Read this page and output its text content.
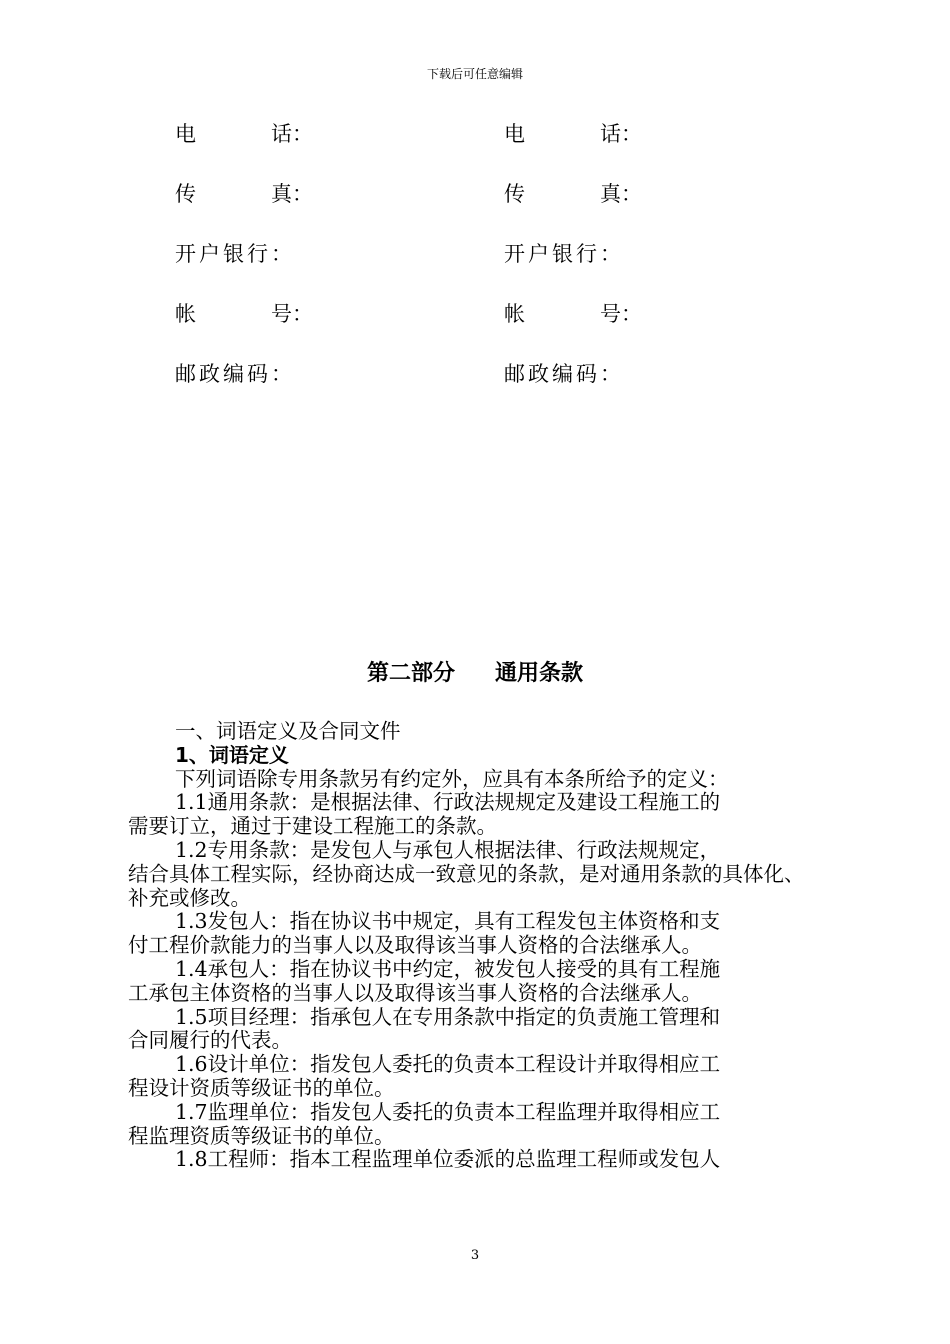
下载后可任意编辑
电	话：	电	话：
传	真：	传	真：
开户银行：	开户银行：
帐	号：	帐	号：
邮政编码：	邮政编码：
第二部分 通用条款

一、词语定义及合同文件

1、词语定义

下列词语除专用条款另有约定外，应具有本条所给予的定义：

1.1通用条款：是根据法律、行政法规规定及建设工程施工的

需要订立，通过于建设工程施工的条款。

1.2专用条款：是发包人与承包人根据法律、行政法规规定，

结合具体工程实际，经协商达成一致意见的条款，是对通用条款的具体化、补充或修改。

1.3发包人：指在协议书中规定，具有工程发包主体资格和支

付工程价款能力的当事人以及取得该当事人资格的合法继承人。

1.4承包人：指在协议书中约定，被发包人接受的具有工程施

工承包主体资格的当事人以及取得该当事人资格的合法继承人。

1.5项目经理：指承包人在专用条款中指定的负责施工管理和

合同履行的代表。

1.6设计单位：指发包人委托的负责本工程设计并取得相应工

程设计资质等级证书的单位。

1.7监理单位：指发包人委托的负责本工程监理并取得相应工

程监理资质等级证书的单位。

1.8工程师：指本工程监理单位委派的总监理工程师或发包人

3
